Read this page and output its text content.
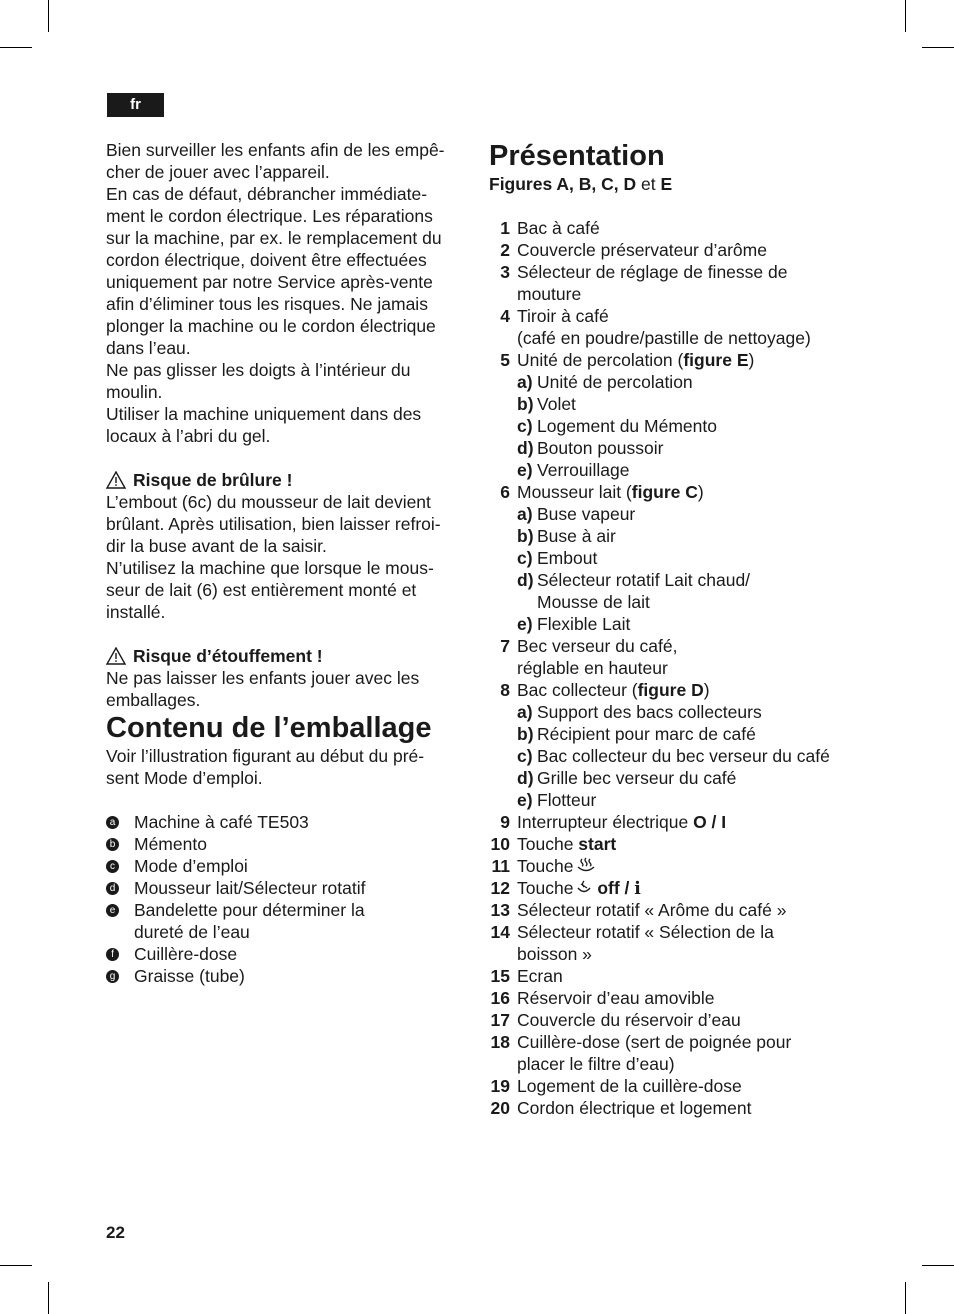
fr

Bien surveiller les enfants afin de les empê-

cher de jouer avec l’appareil.

En cas de défaut, débrancher immédiate-

ment le cordon électrique. Les réparations

sur la machine, par ex. le remplacement du

cordon électrique, doivent être effectuées

uniquement par notre Service après-vente

afin d’éliminer tous les risques. Ne jamais

plonger la machine ou le cordon électrique

dans l’eau.

Ne pas glisser les doigts à l’intérieur du

moulin.

Utiliser la machine uniquement dans des

locaux à l’abri du gel.

Risque de brûlure !

L’embout (6c) du mousseur de lait devient

brûlant. Après utilisation, bien laisser refroi-

dir la buse avant de la saisir.

N’utilisez la machine que lorsque le mous-

seur de lait (6) est entièrement monté et

installé.

Risque d’étouffement !

Ne pas laisser les enfants jouer avec les

emballages.

Contenu de l’emballage

Voir l’illustration figurant au début du pré-

sent Mode d’emploi.

a Machine à café TE503

b Mémento

c Mode d’emploi

d Mousseur lait/Sélecteur rotatif

e Bandelette pour déterminer la

dureté de l’eau

f Cuillère-dose

g Graisse (tube)

Présentation

Figures A, B, C, D et E

1 Bac à café
2 Couvercle préservateur d’arôme
3 Sélecteur de réglage de finesse de
mouture
4 Tiroir à café
(café en poudre/pastille de nettoyage)
5 Unité de percolation (figure E)
a) Unité de percolation
b) Volet
c) Logement du Mémento
d) Bouton poussoir
e) Verrouillage
6 Mousseur lait (figure C)
a) Buse vapeur
b) Buse à air
c) Embout
d) Sélecteur rotatif Lait chaud/
Mousse de lait
e) Flexible Lait
7 Bec verseur du café,
réglable en hauteur
8 Bac collecteur (figure D)
a) Support des bacs collecteurs
b) Récipient pour marc de café
c) Bac collecteur du bec verseur du café
d) Grille bec verseur du café
e) Flotteur
9 Interrupteur électrique O / I
10 Touche start
11 Touche
12 Touche off / ℹ
13 Sélecteur rotatif « Arôme du café »
14 Sélecteur rotatif « Sélection de la
boisson »
15 Ecran
16 Réservoir d’eau amovible
17 Couvercle du réservoir d’eau
18 Cuillère-dose (sert de poignée pour
placer le filtre d’eau)
19 Logement de la cuillère-dose
20 Cordon électrique et logement
22
